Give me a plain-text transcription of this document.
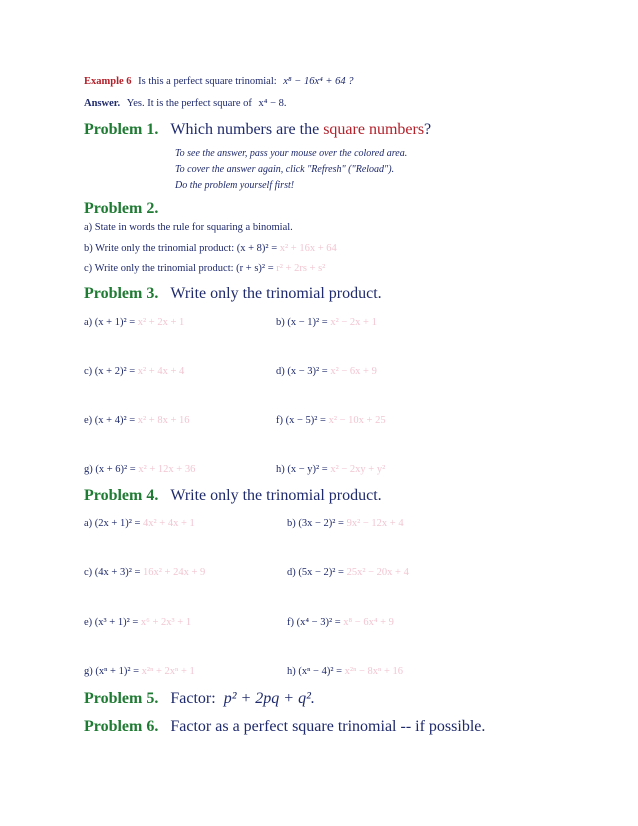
Example 6 Is this a perfect square trinomial: x⁸ − 16x⁴ + 64 ?
Answer. Yes. It is the perfect square of x⁴ − 8.
Problem 1. Which numbers are the square numbers?
To see the answer, pass your mouse over the colored area.
To cover the answer again, click "Refresh" ("Reload").
Do the problem yourself first!
Problem 2.
a) State in words the rule for squaring a binomial.
b) Write only the trinomial product: (x + 8)² = x² + 16x + 64
c) Write only the trinomial product: (r + s)² = r² + 2rs + s²
Problem 3. Write only the trinomial product.
a) (x + 1)² = x² + 2x + 1	b) (x − 1)² = x² − 2x + 1
c) (x + 2)² = x² + 4x + 4	d) (x − 3)² = x² − 6x + 9
e) (x + 4)² = x² + 8x + 16	f) (x − 5)² = x² − 10x + 25
g) (x + 6)² = x² + 12x + 36	h) (x − y)² = x² − 2xy + y²
Problem 4. Write only the trinomial product.
a) (2x + 1)² = 4x² + 4x + 1	b) (3x − 2)² = 9x² − 12x + 4
c) (4x + 3)² = 16x² + 24x + 9	d) (5x − 2)² = 25x² − 20x + 4
e) (x³ + 1)² = x⁶ + 2x³ + 1	f) (x⁴ − 3)² = x⁸ − 6x⁴ + 9
g) (xⁿ + 1)² = x²ⁿ + 2xⁿ + 1	h) (xⁿ − 4)² = x²ⁿ − 8xⁿ + 16
Problem 5. Factor: p² + 2pq + q².
Problem 6. Factor as a perfect square trinomial -- if possible.
